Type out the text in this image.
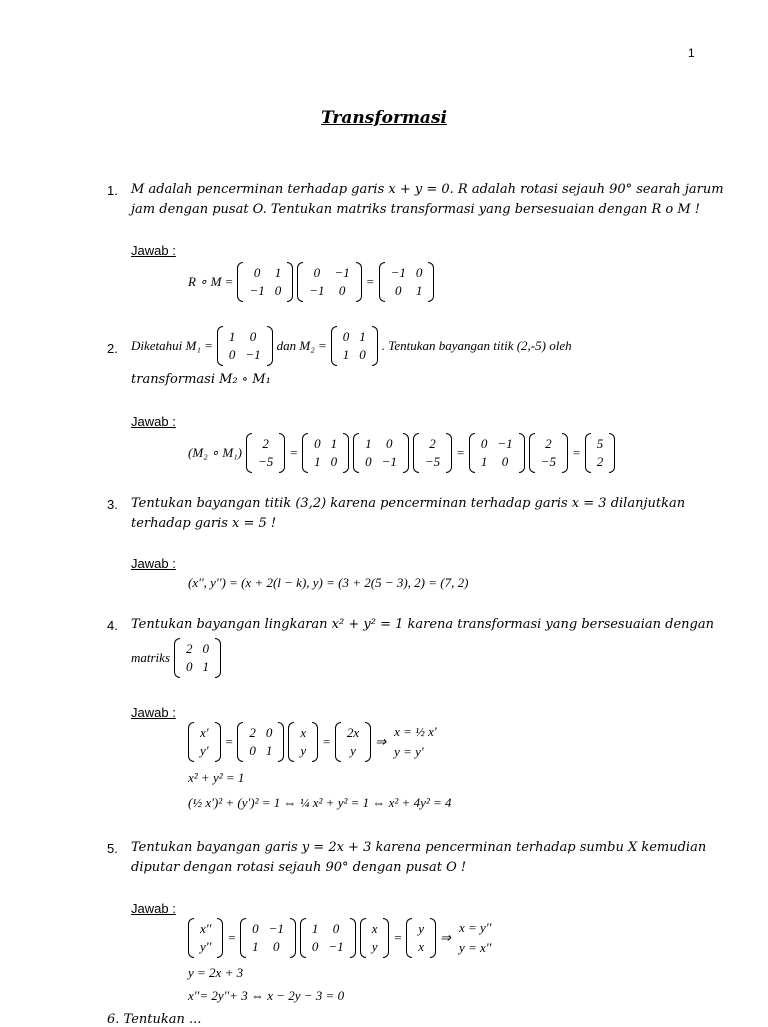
1
Transformasi
1. M adalah pencerminan terhadap garis x + y = 0. R adalah rotasi sejauh 90° searah jarum
jam dengan pusat O. Tentukan matriks transformasi yang bersesuaian dengan R o M !
Jawab :
R ∘ M =
0	1
−1	0
0	−1
−1	0
=
−1	0
0	1
2. Diketahui M₁ =
1	0
0	−1
dan M₂ =
0	1
1	0
. Tentukan bayangan titik (2,-5) oleh
transformasi M₂ ∘ M₁
Jawab :
(M₂ ∘ M₁)
2
−5
=
0	1
1	0
1	0
0	−1
2
−5
=
0	−1
1	0
2
−5
=
5
2
3. Tentukan bayangan titik (3,2) karena pencerminan terhadap garis x = 3 dilanjutkan
terhadap garis x = 5 !
Jawab :
(x'', y'') = (x + 2(l − k), y) = (3 + 2(5 − 3), 2) = (7, 2)
4. Tentukan bayangan lingkaran x² + y² = 1 karena transformasi yang bersesuaian dengan
matriks
2	0
0	1
Jawab :
x'
y'
=
2	0
0	1
x
y
=
2x
y
⇒
x = ½ x'
y = y'
x² + y² = 1
(½ x')² + (y')² = 1 ⇔ ¼ x² + y² = 1 ⇔ x² + 4y² = 4
5. Tentukan bayangan garis y = 2x + 3 karena pencerminan terhadap sumbu X kemudian
diputar dengan rotasi sejauh 90° dengan pusat O !
Jawab :
x''
y''
=
0	−1
1	0
1	0
0	−1
x
y
=
y
x
⇒
x = y''
y = x''
y = 2x + 3
x''= 2y''+ 3 ⇔ x − 2y − 3 = 0
6. Tentukan ...
